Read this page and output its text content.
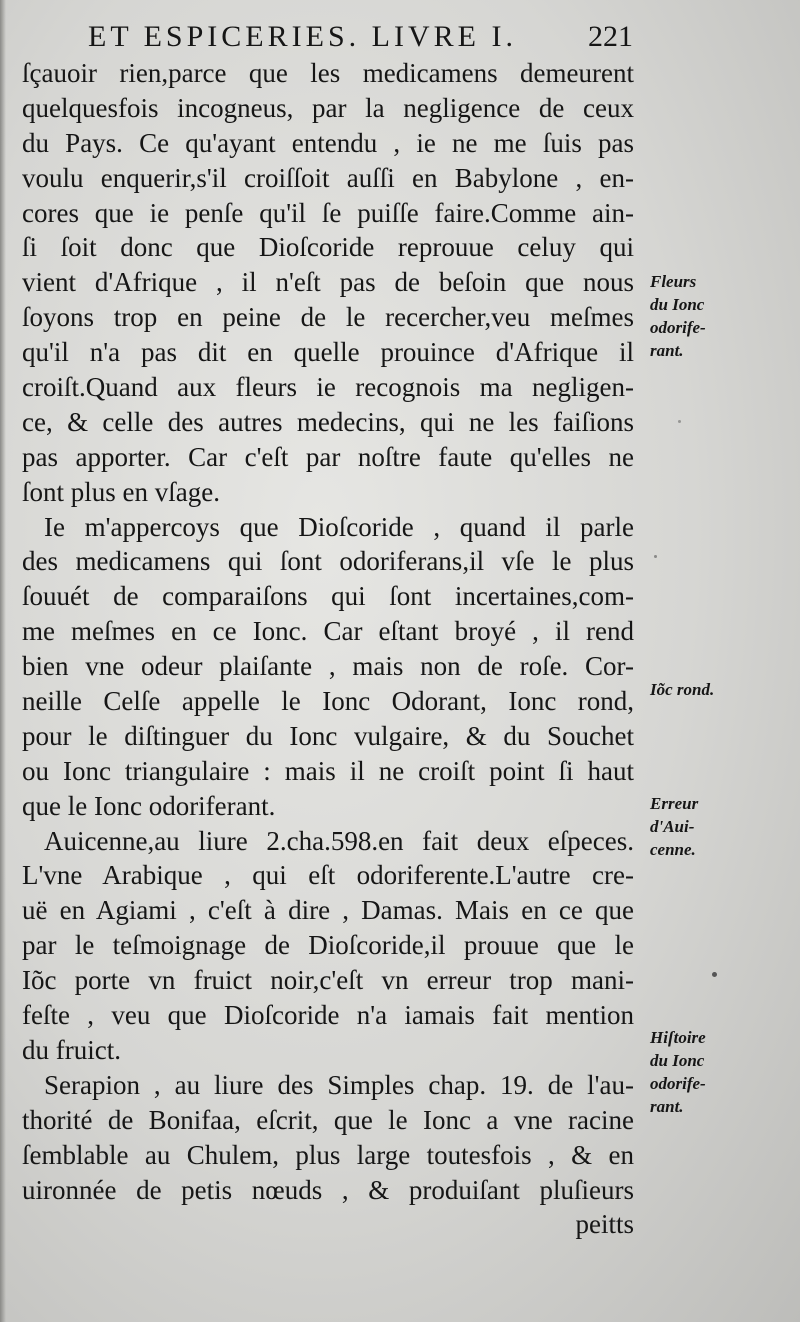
ET ESPICERIES. LIVRE I. 221
ſçauoir rien,parce que les medicamens demeurent
quelquesfois incogneus, par la negligence de ceux
du Pays. Ce qu'ayant entendu , ie ne me ſuis pas
voulu enquerir,s'il croiſſoit auſſi en Babylone , en-
cores que ie penſe qu'il ſe puiſſe faire.Comme ain-
ſi ſoit donc que Dioſcoride reprouue celuy qui
vient d'Afrique , il n'eſt pas de beſoin que nous
ſoyons trop en peine de le recercher,veu meſmes
qu'il n'a pas dit en quelle prouince d'Afrique il
croiſt.Quand aux fleurs ie recognois ma negligen-
ce, & celle des autres medecins, qui ne les faiſions
pas apporter. Car c'eſt par noſtre faute qu'elles ne
ſont plus en vſage.
Ie m'appercoys que Dioſcoride , quand il parle
des medicamens qui ſont odoriferans,il vſe le plus
ſouuét de comparaiſons qui ſont incertaines,com-
me meſmes en ce Ionc. Car eſtant broyé , il rend
bien vne odeur plaiſante , mais non de roſe. Cor-
neille Celſe appelle le Ionc Odorant, Ionc rond,
pour le diſtinguer du Ionc vulgaire, & du Souchet
ou Ionc triangulaire : mais il ne croiſt point ſi haut
que le Ionc odoriferant.
Auicenne,au liure 2.cha.598.en fait deux eſpeces.
L'vne Arabique , qui eſt odoriferente.L'autre cre-
uë en Agiami , c'eſt à dire , Damas. Mais en ce que
par le teſmoignage de Dioſcoride,il prouue que le
Iõc porte vn fruict noir,c'eſt vn erreur trop mani-
feſte , veu que Dioſcoride n'a iamais fait mention
du fruict.
Serapion , au liure des Simples chap. 19. de l'au-
thorité de Bonifaa, eſcrit, que le Ionc a vne racine
ſemblable au Chulem, plus large toutesfois , & en
uironnée de petis nœuds , & produiſant pluſieurs
peitts
Fleurs
du Ionc
odorife-
rant.
Iõc rond.
Erreur
d'Aui-
cenne.
Hiſtoire
du Ionc
odorife-
rant.
